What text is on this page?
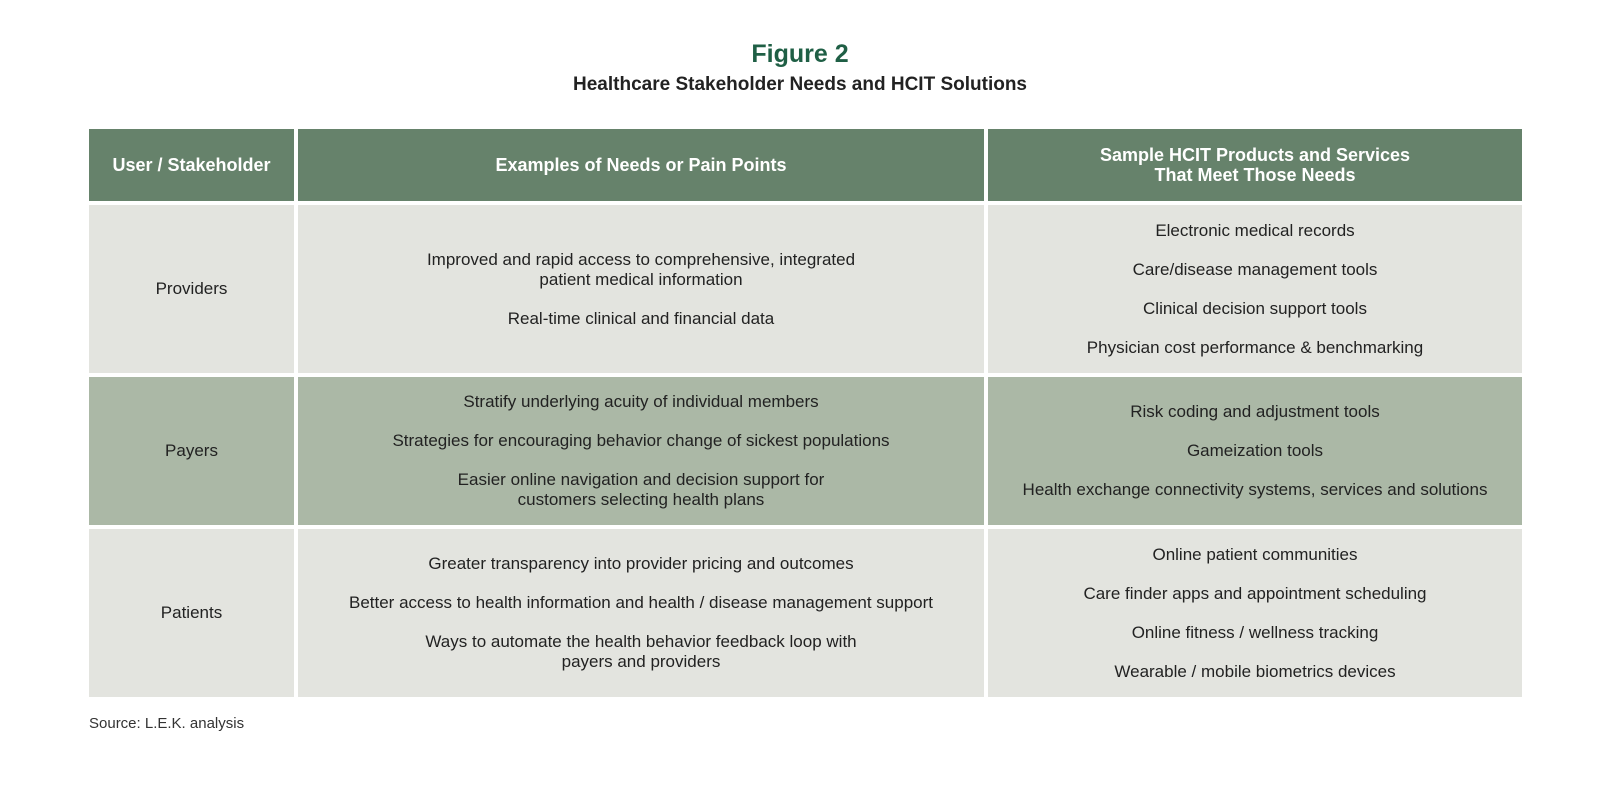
Figure 2
Healthcare Stakeholder Needs and HCIT Solutions
User / Stakeholder	Examples of Needs or Pain Points	Sample HCIT Products and Services
That Meet Those Needs
Providers
Improved and rapid access to comprehensive, integrated
patient medical information
Real-time clinical and financial data
Electronic medical records
Care/disease management tools
Clinical decision support tools
Physician cost performance & benchmarking
Payers
Stratify underlying acuity of individual members
Strategies for encouraging behavior change of sickest populations
Easier online navigation and decision support for
customers selecting health plans
Risk coding and adjustment tools
Gameization tools
Health exchange connectivity systems, services and solutions
Patients
Greater transparency into provider pricing and outcomes
Better access to health information and health / disease management support
Ways to automate the health behavior feedback loop with
payers and providers
Online patient communities
Care finder apps and appointment scheduling
Online fitness / wellness tracking
Wearable / mobile biometrics devices
Source: L.E.K. analysis
